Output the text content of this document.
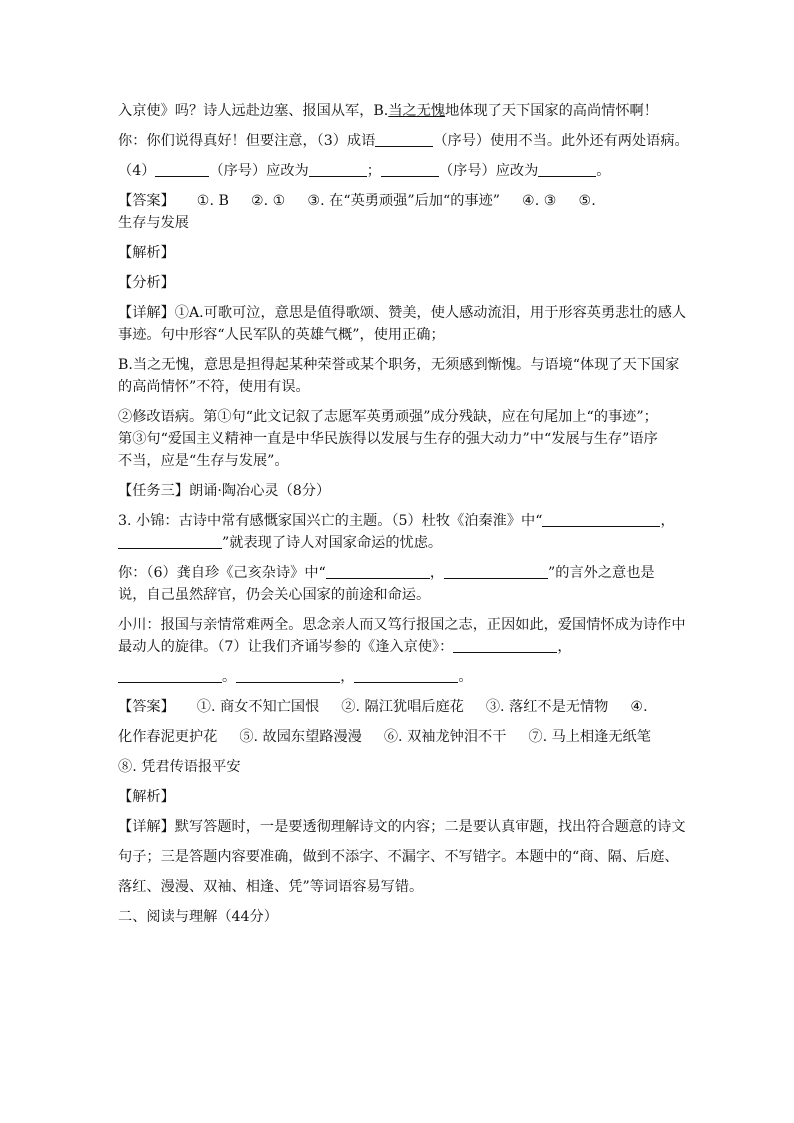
入京使》吗？诗人远赴边塞、报国从军，B.当之无愧地体现了天下国家的高尚情怀啊！

你：你们说得真好！但要注意，（3）成语	（序号）使用不当。此外还有两处语病。

（4）	（序号）应改为	；	（序号）应改为	。

【答案】 ①. B ②. ① ③. 在“英勇顽强”后加“的事迹” ④. ③ ⑤.

生存与发展

【解析】

【分析】

【详解】①A.可歌可泣，意思是值得歌颂、赞美，使人感动流泪，用于形容英勇悲壮的感人

事迹。句中形容“人民军队的英雄气概”，使用正确；

B.当之无愧，意思是担得起某种荣誉或某个职务，无须感到惭愧。与语境“体现了天下国家

的高尚情怀”不符，使用有误。

②修改语病。第①句“此文记叙了志愿军英勇顽强”成分残缺，应在句尾加上“的事迹”；

第③句“爱国主义精神一直是中华民族得以发展与生存的强大动力”中“发展与生存”语序

不当，应是“生存与发展”。

【任务三】朗诵·陶冶心灵（8分）

3. 小锦：古诗中常有感慨家国兴亡的主题。（5）杜牧《泊秦淮》中“	，

”就表现了诗人对国家命运的忧虑。

你：（6）龚自珍《己亥杂诗》中“	，	”的言外之意也是

说，自己虽然辞官，仍会关心国家的前途和命运。

小川：报国与亲情常难两全。思念亲人而又笃行报国之志，正因如此，爱国情怀成为诗作中

最动人的旋律。（7）让我们齐诵岑参的《逢入京使》：	，

。	，	。

【答案】 ①. 商女不知亡国恨 ②. 隔江犹唱后庭花 ③. 落红不是无情物 ④.

化作春泥更护花 ⑤. 故园东望路漫漫 ⑥. 双袖龙钟泪不干 ⑦. 马上相逢无纸笔

⑧. 凭君传语报平安

【解析】

【详解】默写答题时，一是要透彻理解诗文的内容；二是要认真审题，找出符合题意的诗文

句子；三是答题内容要准确，做到不添字、不漏字、不写错字。本题中的“商、隔、后庭、

落红、漫漫、双袖、相逢、凭”等词语容易写错。

二、阅读与理解（44分）
